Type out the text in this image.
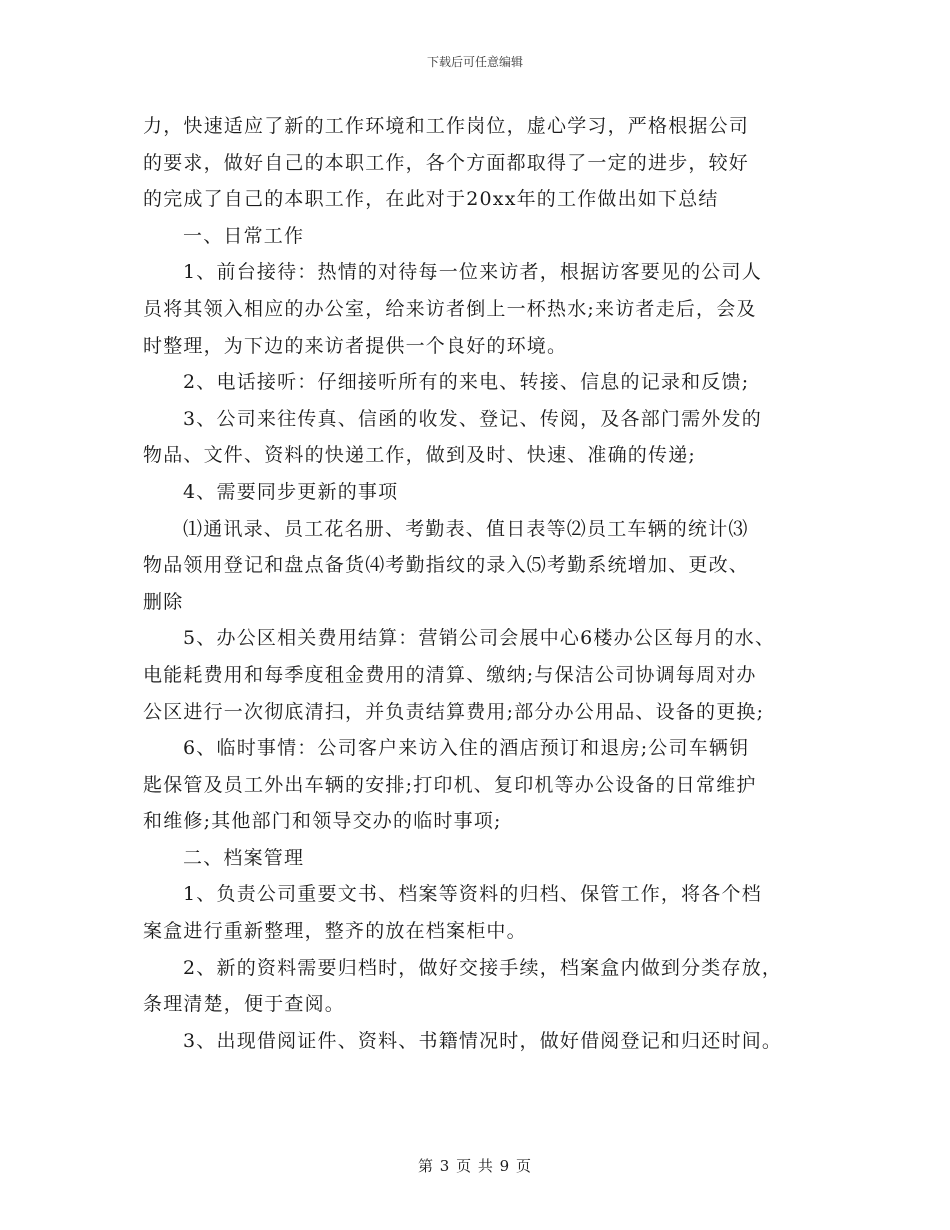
下载后可任意编辑

力，快速适应了新的工作环境和工作岗位，虚心学习，严格根据公司

的要求，做好自己的本职工作，各个方面都取得了一定的进步，较好

的完成了自己的本职工作，在此对于20xx年的工作做出如下总结

一、日常工作

1、前台接待：热情的对待每一位来访者，根据访客要见的公司人

员将其领入相应的办公室，给来访者倒上一杯热水;来访者走后，会及

时整理，为下边的来访者提供一个良好的环境。

2、电话接听：仔细接听所有的来电、转接、信息的记录和反馈;

3、公司来往传真、信函的收发、登记、传阅，及各部门需外发的

物品、文件、资料的快递工作，做到及时、快速、准确的传递;

4、需要同步更新的事项

⑴通讯录、员工花名册、考勤表、值日表等⑵员工车辆的统计⑶

物品领用登记和盘点备货⑷考勤指纹的录入⑸考勤系统增加、更改、

删除

5、办公区相关费用结算：营销公司会展中心6楼办公区每月的水、

电能耗费用和每季度租金费用的清算、缴纳;与保洁公司协调每周对办

公区进行一次彻底清扫，并负责结算费用;部分办公用品、设备的更换;

6、临时事情：公司客户来访入住的酒店预订和退房;公司车辆钥

匙保管及员工外出车辆的安排;打印机、复印机等办公设备的日常维护

和维修;其他部门和领导交办的临时事项;

二、档案管理

1、负责公司重要文书、档案等资料的归档、保管工作，将各个档

案盒进行重新整理，整齐的放在档案柜中。

2、新的资料需要归档时，做好交接手续，档案盒内做到分类存放，

条理清楚，便于查阅。

3、出现借阅证件、资料、书籍情况时，做好借阅登记和归还时间。

第 3 页 共 9 页
